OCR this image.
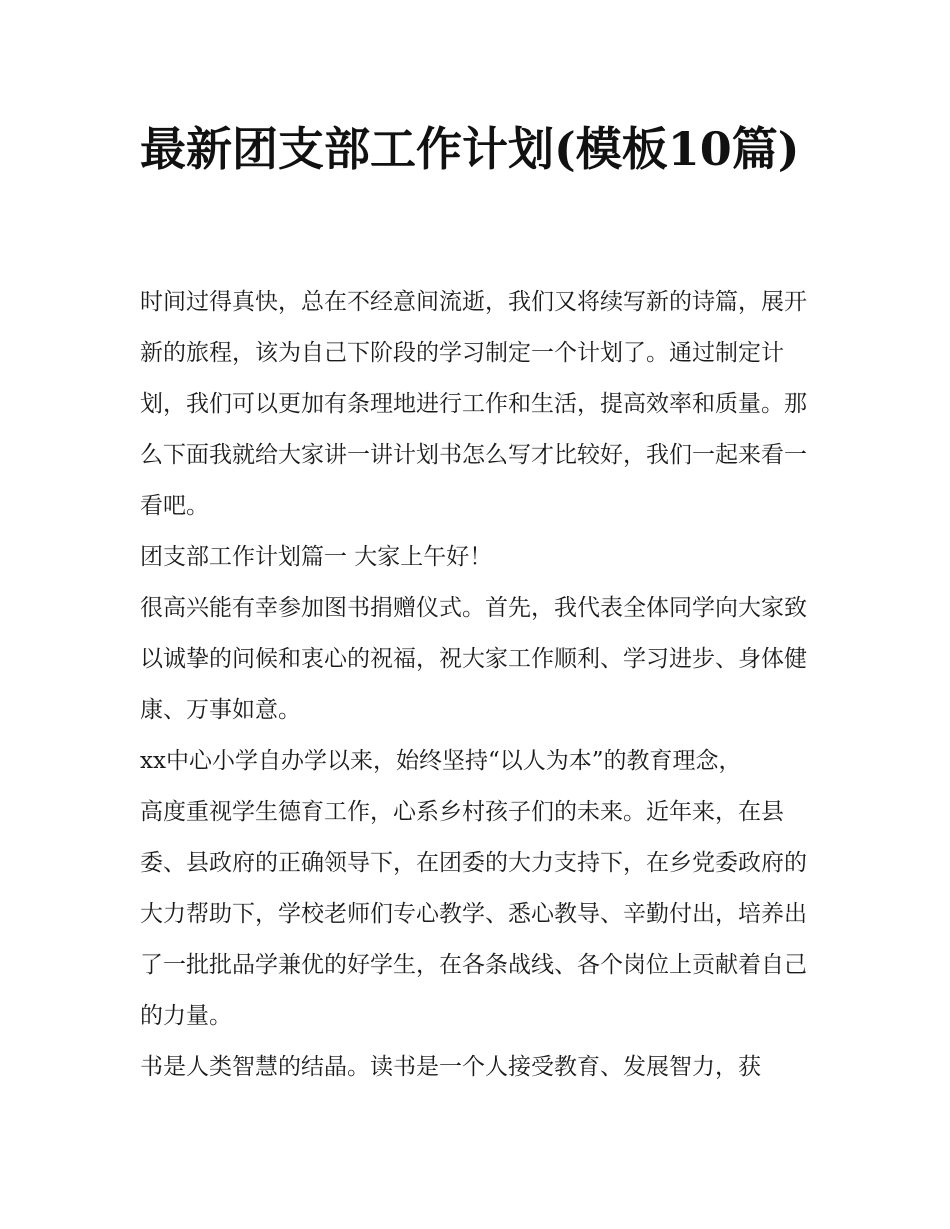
最新团支部工作计划(模板10篇)

时间过得真快，总在不经意间流逝，我们又将续写新的诗篇，展开新的旅程，该为自己下阶段的学习制定一个计划了。通过制定计划，我们可以更加有条理地进行工作和生活，提高效率和质量。那么下面我就给大家讲一讲计划书怎么写才比较好，我们一起来看一看吧。

团支部工作计划篇一 大家上午好！

很高兴能有幸参加图书捐赠仪式。首先，我代表全体同学向大家致以诚挚的问候和衷心的祝福，祝大家工作顺利、学习进步、身体健康、万事如意。

xx中心小学自办学以来，始终坚持“以人为本”的教育理念，

高度重视学生德育工作，心系乡村孩子们的未来。近年来，在县委、县政府的正确领导下，在团委的大力支持下，在乡党委政府的大力帮助下，学校老师们专心教学、悉心教导、辛勤付出，培养出了一批批品学兼优的好学生，在各条战线、各个岗位上贡献着自己的力量。

书是人类智慧的结晶。读书是一个人接受教育、发展智力，获
